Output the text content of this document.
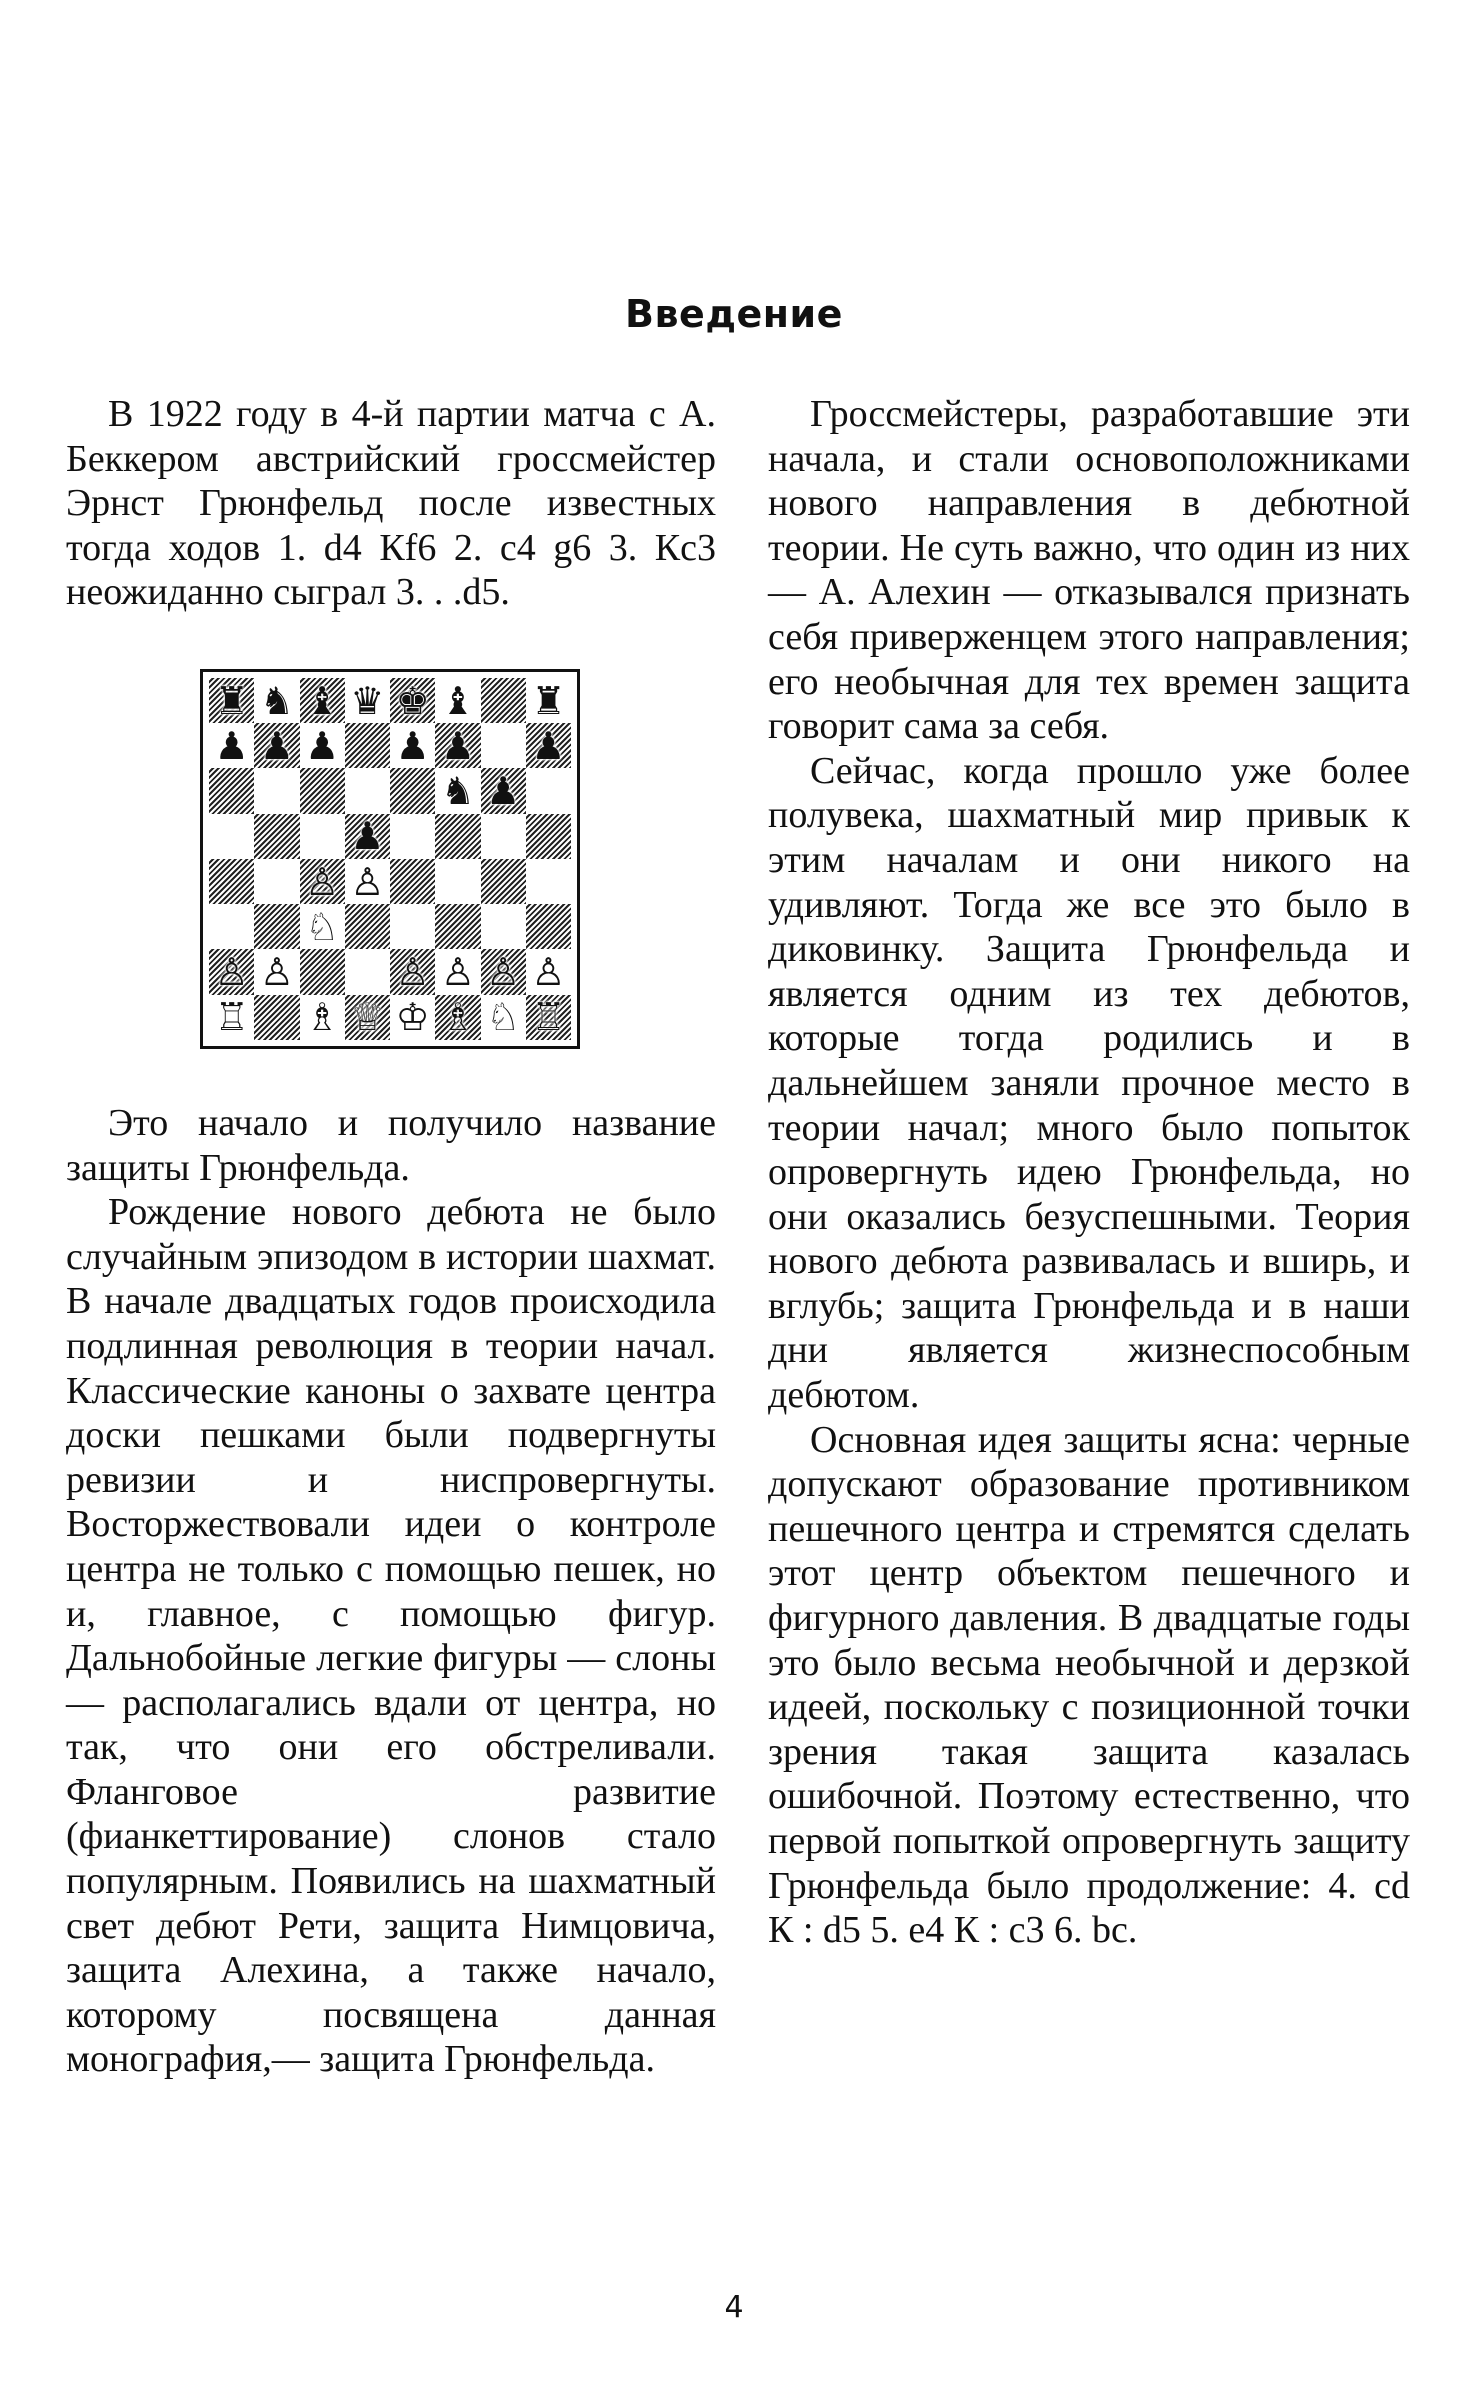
Введение

В 1922 году в 4-й партии матча с А. Беккером австрийский гроссмейстер Эрнст Грюнфельд после известных тогда ходов 1. d4 Кf6 2. c4 g6 3. Кc3 неожиданно сыграл 3. . .d5.

♜ ♞ ♝ ♛ ♚ ♝ ♜
♟ ♟ ♟ ♟ ♟ ♟
♞ ♟
♟
♙ ♙
♘
♙ ♙	♙ ♙ ♙ ♙
♖ ♗ ♕ ♔ ♗ ♘ ♖

Это начало и получило название защиты Грюнфельда.

Рождение нового дебюта не было случайным эпизодом в истории шахмат. В начале двадцатых годов происходила подлинная революция в теории начал. Классические каноны о захвате центра доски пешками были подвергнуты ревизии и ниспровергнуты. Восторжествовали идеи о контроле центра не только с помощью пешек, но и, главное, с помощью фигур. Дальнобойные легкие фигуры — слоны — располагались вдали от центра, но так, что они его обстреливали. Фланговое развитие (фианкеттирование) слонов стало популярным. Появились на шахматный свет дебют Рети, защита Нимцовича, защита Алехина, а также начало, которому посвящена данная монография,— защита Грюнфельда.

Гроссмейстеры, разработавшие эти начала, и стали основоположниками нового направления в дебютной теории. Не суть важно, что один из них — А. Алехин — отказывался признать себя приверженцем этого направления; его необычная для тех времен защита говорит сама за себя.

Сейчас, когда прошло уже более полувека, шахматный мир привык к этим началам и они никого на удивляют. Тогда же все это было в диковинку. Защита Грюнфельда и является одним из тех дебютов, которые тогда родились и в дальнейшем заняли прочное место в теории начал; много было попыток опровергнуть идею Грюнфельда, но они оказались безуспешными. Теория нового дебюта развивалась и вширь, и вглубь; защита Грюнфельда и в наши дни является жизнеспособным дебютом.

Основная идея защиты ясна: черные допускают образование противником пешечного центра и стремятся сделать этот центр объектом пешечного и фигурного давления. В двадцатые годы это было весьма необычной и дерзкой идеей, поскольку с позиционной точки зрения такая защита казалась ошибочной. Поэтому естественно, что первой попыткой опровергнуть защиту Грюнфельда было продолжение: 4. cd К : d5 5. e4 К : c3 6. bc.

4
